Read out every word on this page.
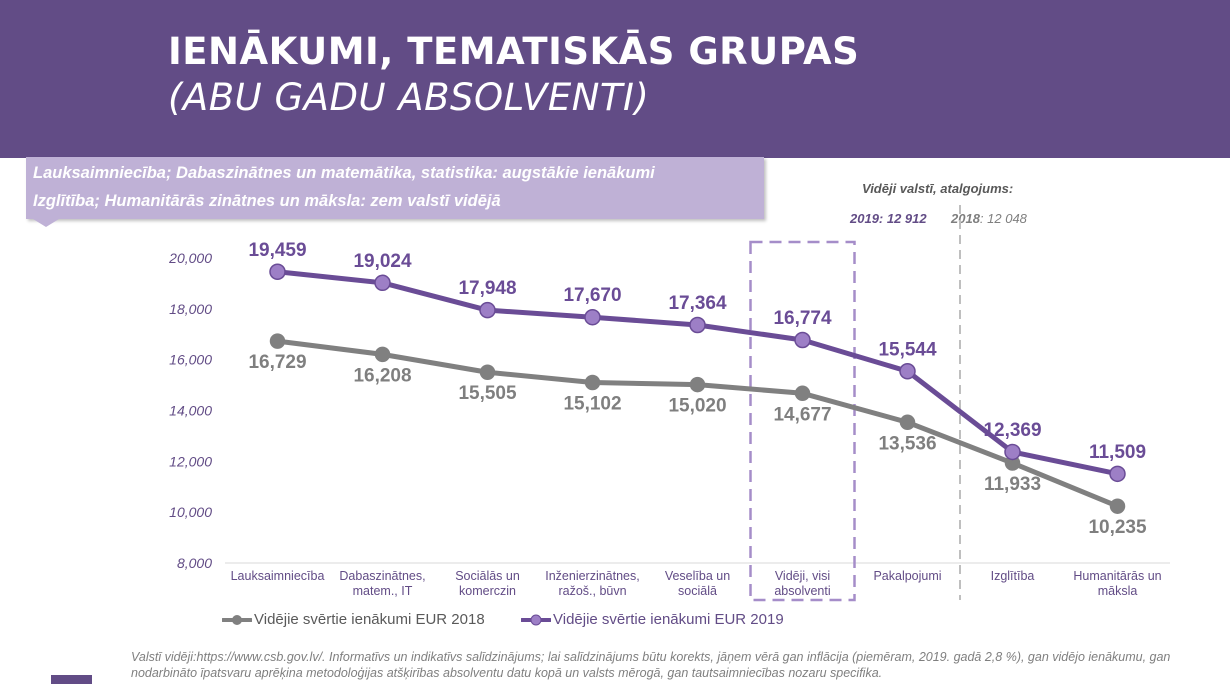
IENĀKUMI, TEMATISKĀS GRUPAS
(ABU GADU ABSOLVENTI)
Lauksaimniecība; Dabaszinātnes un matemātika, statistika: augstākie ienākumi
Izglītība; Humanitārās zinātnes un māksla: zem valstī vidējā
Vidēji valstī, atalgojums:
2019: 12 912 2018: 12 048
8,000
10,000
12,000
14,000
16,000
18,000
20,000
Lauksaimniecība Dabaszinātnes,
matem., IT
Sociālās un
komerczin
Inženierzinātnes,
ražoš., būvn
Veselība un
sociālā
Vidēji, visi
absolventi
Pakalpojumi	Izglītība	Humanitārās un
māksla
16,729
16,208
15,505 15,102 15,020 14,677
13,536
11,933
10,235
19,459
19,024
17,948 17,670 17,364
16,774
15,544
12,369
11,509
Vidējie svērtie ienākumi EUR 2018	Vidējie svērtie ienākumi EUR 2019
Valstī vidēji:https://www.csb.gov.lv/. Informatīvs un indikatīvs salīdzinājums; lai salīdzinājums būtu korekts, jāņem vērā gan inflācija (piemēram, 2019. gadā 2,8 %), gan vidējo ienākumu, gan nodarbināto īpatsvaru aprēķina metodoloģijas atšķirības absolventu datu kopā un valsts mērogā, gan tautsaimniecības nozaru specifika.
